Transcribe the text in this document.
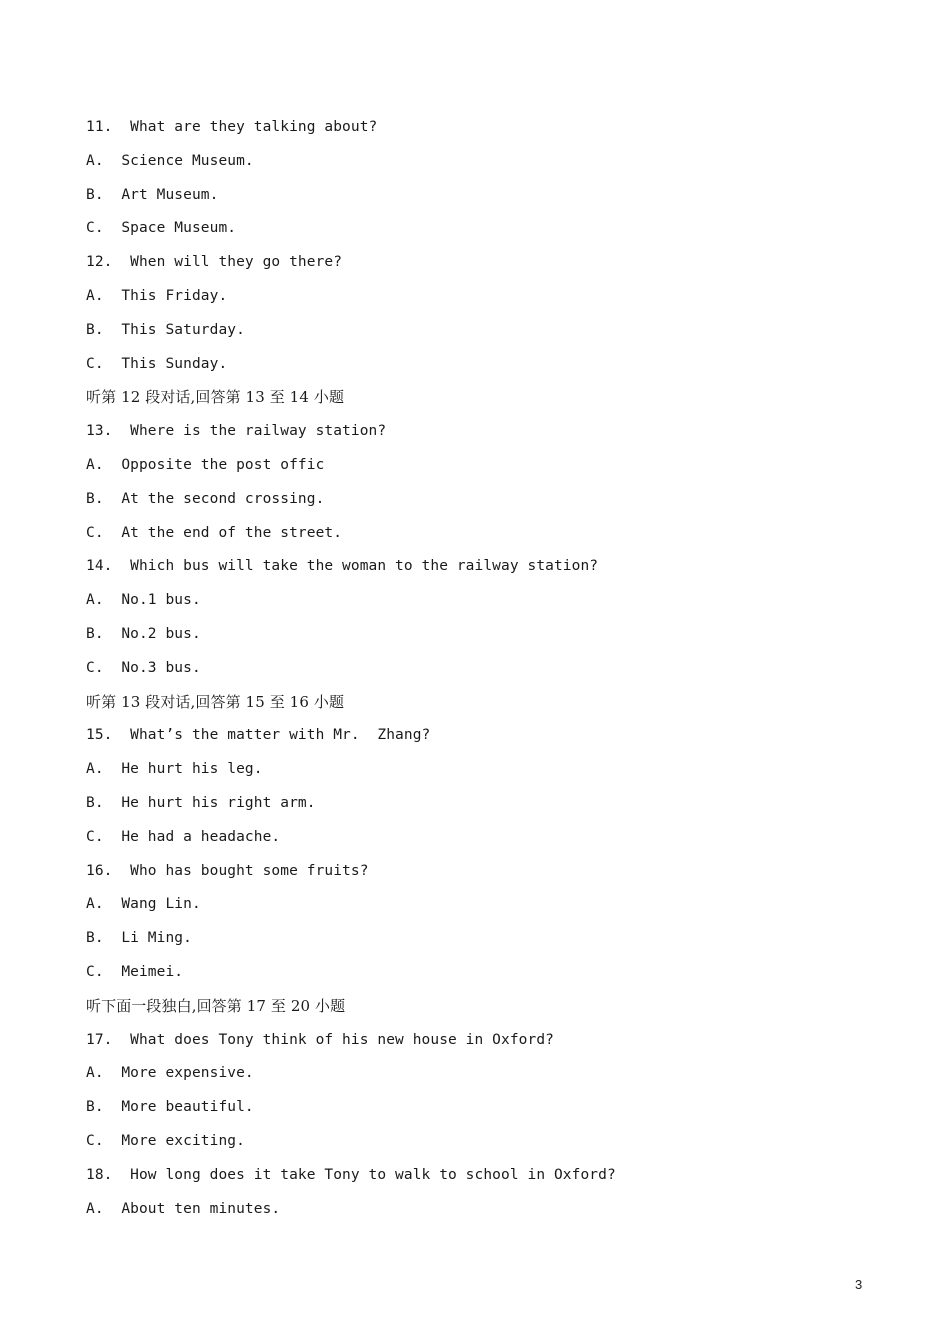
11.  What are they talking about?
A.  Science Museum.
B.  Art Museum.
C.  Space Museum.
12.  When will they go there?
A.  This Friday.
B.  This Saturday.
C.  This Sunday.
听第 12 段对话,回答第 13 至 14 小题
13.  Where is the railway station?
A.  Opposite the post offic
B.  At the second crossing.
C.  At the end of the street.
14.  Which bus will take the woman to the railway station?
A.  No.1 bus.
B.  No.2 bus.
C.  No.3 bus.
听第 13 段对话,回答第 15 至 16 小题
15.  What’s the matter with Mr.  Zhang?
A.  He hurt his leg.
B.  He hurt his right arm.
C.  He had a headache.
16.  Who has bought some fruits?
A.  Wang Lin.
B.  Li Ming.
C.  Meimei.
听下面一段独白,回答第 17 至 20 小题
17.  What does Tony think of his new house in Oxford?
A.  More expensive.
B.  More beautiful.
C.  More exciting.
18.  How long does it take Tony to walk to school in Oxford?
A.  About ten minutes.
3
